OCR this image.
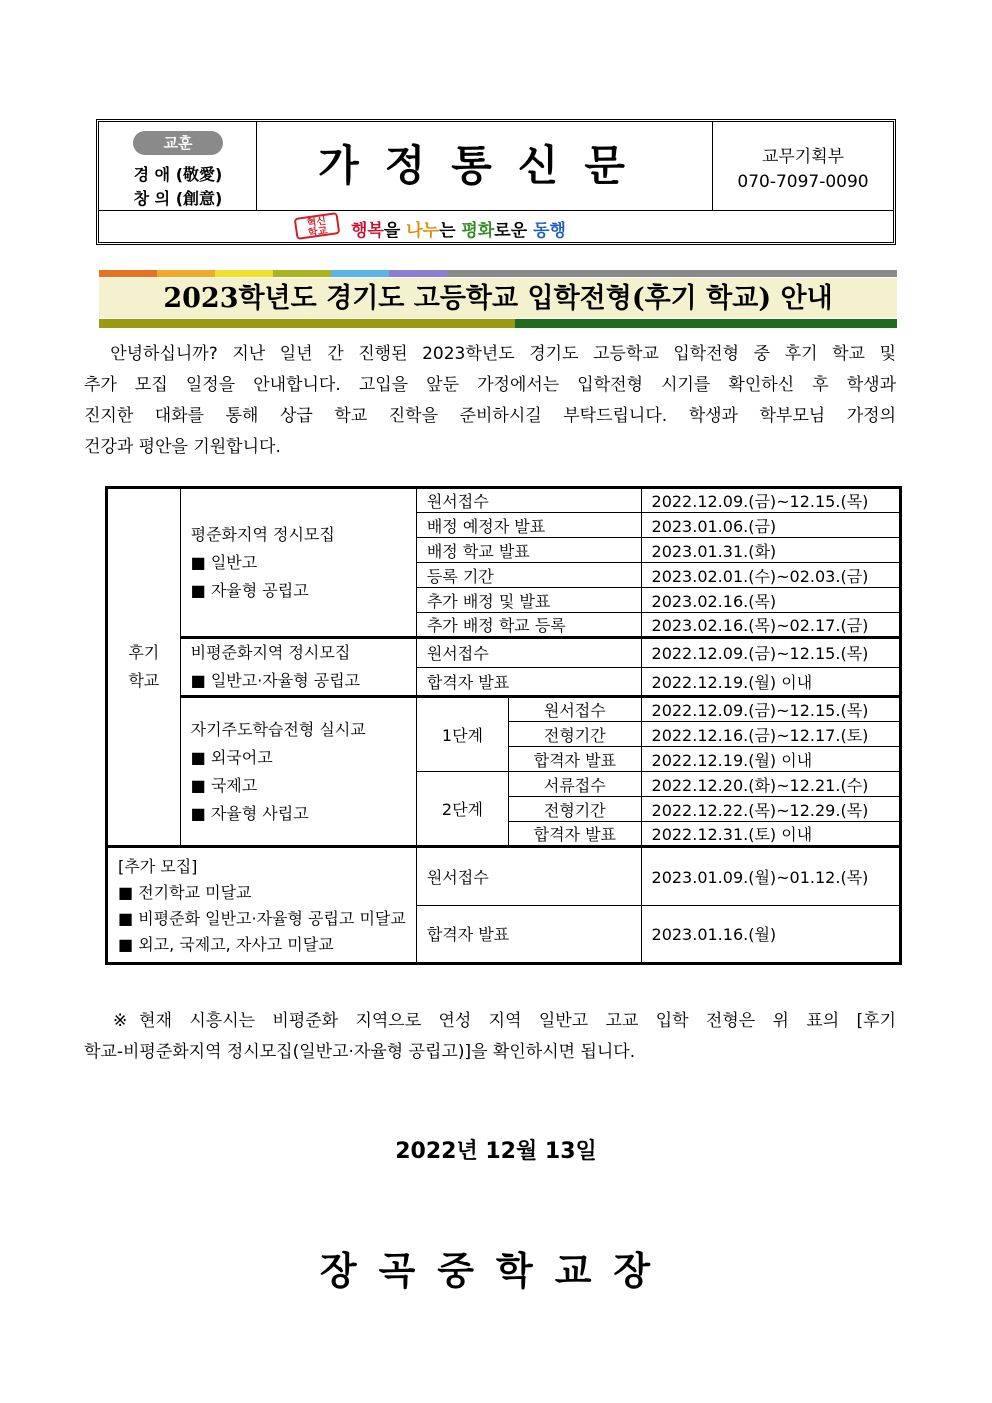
교훈
경 애 (敬愛)
창 의 (創意)
가정통신문	교무기획부
070-7097-0090
혁신
학교	행복을 나누는 평화로운 동행
2023학년도 경기도 고등학교 입학전형(후기 학교) 안내
　안녕하십니까? 지난 일년 간 진행된 2023학년도 경기도 고등학교 입학전형 중 후기 학교 및
추가 모집 일정을 안내합니다. 고입을 앞둔 가정에서는 입학전형 시기를 확인하신 후 학생과
진지한 대화를 통해 상급 학교 진학을 준비하시길 부탁드립니다. 학생과 학부모님 가정의
건강과 평안을 기원합니다.
후기
학교	평준화지역 정시모집
■ 일반고
■ 자율형 공립고	원서접수		2022.12.09.(금)~12.15.(목)
		배정 예정자 발표		2023.01.06.(금)
		배정 학교 발표		2023.01.31.(화)
		등록 기간		2023.02.01.(수)~02.03.(금)
		추가 배정 및 발표		2023.02.16.(목)
		추가 배정 학교 등록		2023.02.16.(목)~02.17.(금)
	비평준화지역 정시모집
■ 일반고·자율형 공립고	원서접수		2022.12.09.(금)~12.15.(목)
		합격자 발표		2022.12.19.(월) 이내
	자기주도학습전형 실시교
■ 외국어고
■ 국제고
■ 자율형 사립고	1단계	원서접수	2022.12.09.(금)~12.15.(목)
			전형기간	2022.12.16.(금)~12.17.(토)
			합격자 발표	2022.12.19.(월) 이내
		2단계	서류접수	2022.12.20.(화)~12.21.(수)
			전형기간	2022.12.22.(목)~12.29.(목)
			합격자 발표	2022.12.31.(토) 이내
[추가 모집]
■ 전기학교 미달교
■ 비평준화 일반고·자율형 공립고 미달교
■ 외고, 국제고, 자사고 미달교		원서접수		2023.01.09.(월)~01.12.(목)
		합격자 발표		2023.01.16.(월)
　※현재 시흥시는 비평준화 지역으로 연성 지역 일반고 고교 입학 전형은 위 표의 [후기
학교-비평준화지역 정시모집(일반고·자율형 공립고)]을 확인하시면 됩니다.
2022년 12월 13일
장곡중학교장
